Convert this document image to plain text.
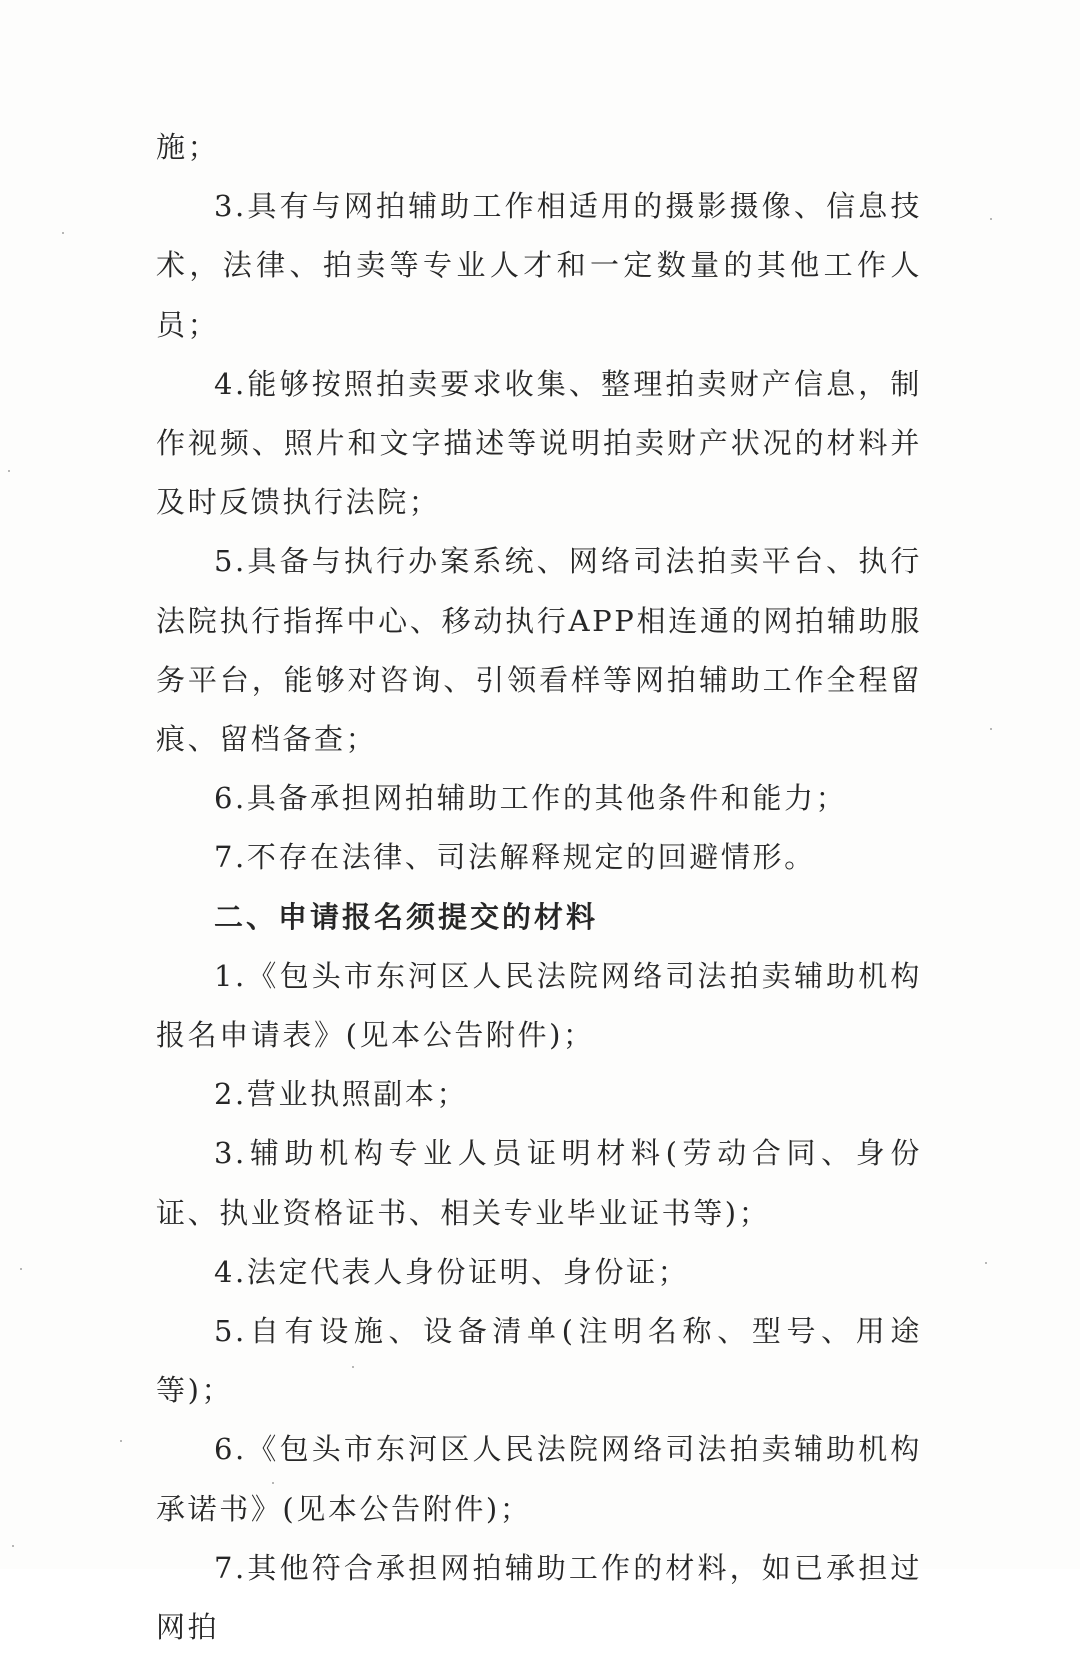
施；

3.具有与网拍辅助工作相适用的摄影摄像、信息技术，法律、拍卖等专业人才和一定数量的其他工作人员；

4.能够按照拍卖要求收集、整理拍卖财产信息，制作视频、照片和文字描述等说明拍卖财产状况的材料并及时反馈执行法院；

5.具备与执行办案系统、网络司法拍卖平台、执行法院执行指挥中心、移动执行APP相连通的网拍辅助服务平台，能够对咨询、引领看样等网拍辅助工作全程留痕、留档备查；

6.具备承担网拍辅助工作的其他条件和能力；

7.不存在法律、司法解释规定的回避情形。

二、申请报名须提交的材料

1.《包头市东河区人民法院网络司法拍卖辅助机构报名申请表》(见本公告附件)；

2.营业执照副本；

3.辅助机构专业人员证明材料(劳动合同、身份证、执业资格证书、相关专业毕业证书等)；

4.法定代表人身份证明、身份证；

5.自有设施、设备清单(注明名称、型号、用途等)；

6.《包头市东河区人民法院网络司法拍卖辅助机构承诺书》(见本公告附件)；

7.其他符合承担网拍辅助工作的材料，如已承担过网拍
